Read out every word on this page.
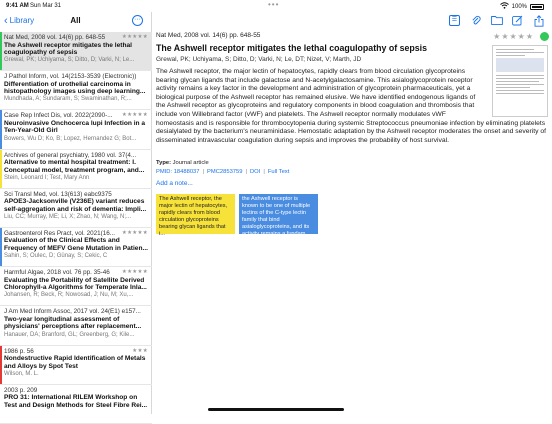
9:41 AM Sun Mar 31	•••	100%
‹ Library	All	···
Nat Med, 2008 vol. 14(6) pp. 648-55	★★★★★
The Ashwell receptor mitigates the lethal coagulopathy of sepsis
Grewal, PK; Uchiyama, S; Ditto, D; Varki, N; Le...
J Pathol Inform, vol. 14(2153-3539 (Electronic))
Differentiation of urothelial carcinoma in histopathology images using deep learning...
Mundhada, A; Sundaram, S; Swaminathan, R;...
Case Rep Infect Dis, vol. 2022(2090-...	★★★★★
Neuroinvasive Onchocerca lupi Infection in a Ten-Year-Old Girl
Bowers, Wu D; Ko, B; Lopez, Hernandez G; Bot...
Archives of general psychiatry, 1980 vol. 37(4...
Alternative to mental hospital treatment: I. Conceptual model, treatment program, and...
Stein, Leonard I; Test, Mary Ann
Sci Transl Med, vol. 13(613) eabc9375
APOE3-Jacksonville (V236E) variant reduces self-aggregation and risk of dementia: Impli...
Liu, CC; Murray, ME; Li, X; Zhao, N; Wang, N;...
Gastroenterol Res Pract, vol. 2021(16...	★★★★★
Evaluation of the Clinical Effects and Frequency of MEFV Gene Mutation in Patien...
Sahin, S; Oulec, D; Günay, S; Cekic, C
Harmful Algae, 2018 vol. 76 pp. 35-46	★★★★★
Evaluating the Portability of Satellite Derived Chlorophyll-a Algorithms for Temperate Inla...
Johansen, R; Beck, R; Nowosad, J; Nu, M; Xu,...
J Am Med Inform Assoc, 2017 vol. 24(E1) e157...
Two-year longitudinal assessment of physicians' perceptions after replacement...
Hanauer, DA; Branford, GL; Greenberg, G; Kile...
1986 p. 56	★★★
Nondestructive Rapid Identification of Metals and Alloys by Spot Test
Wilson, M. L.
2003 p. 209
PRO 31: International RILEM Workshop on Test and Design Methods for Steel Fibre Rei...
☰
Nat Med, 2008 vol. 14(6) pp. 648-55	★★★★★
The Ashwell receptor mitigates the lethal coagulopathy of sepsis
Grewal, PK; Uchiyama, S; Ditto, D; Varki, N; Le, DT; Nizet, V; Marth, JD
The Ashwell receptor, the major lectin of hepatocytes, rapidly clears from blood circulation glycoproteins bearing glycan ligands that include galactose and N-acetylgalactosamine. This asialoglycoprotein receptor activity remains a key factor in the development and administration of glycoprotein pharmaceuticals, yet a biological purpose of the Ashwell receptor has remained elusive. We have identified endogenous ligands of the Ashwell receptor as glycoproteins and regulatory components in blood coagulation and thrombosis that include von Willebrand factor (vWF) and platelets. The Ashwell receptor normally modulates vWF
homeostasis and is responsible for thrombocytopenia during systemic Streptococcus pneumoniae infection by eliminating platelets desialylated by the bacterium's neuraminidase. Hemostatic adaptation by the Ashwell receptor moderates the onset and severity of disseminated intravascular coagulation during sepsis and improves the probability of host survival.
Type: Journal article
PMID: 18488037 | PMC2853759 | DOI | Full Text
Add a note...
The Ashwell receptor, the major lectin of hepatocytes, rapidly clears from blood circulation glycoproteins bearing glycan ligands that i...
the Ashwell receptor is known to be one of multiple lectins of the C-type lectin family that bind asialoglycoproteins, and its activity remains a fundam...
